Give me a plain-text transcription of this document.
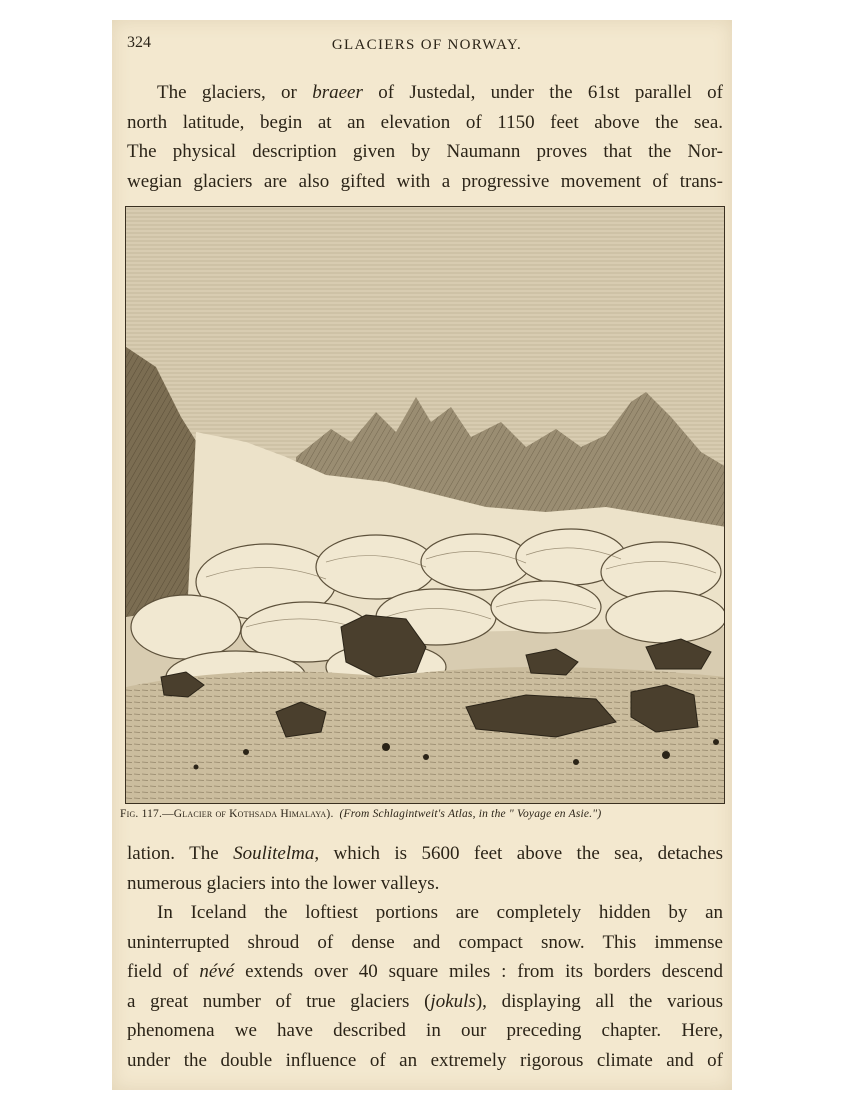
324	GLACIERS OF NORWAY.
The glaciers, or braeer of Justedal, under the 61st parallel of
north latitude, begin at an elevation of 1150 feet above the sea.
The physical description given by Naumann proves that the Nor-
wegian glaciers are also gifted with a progressive movement of trans-
Fig. 117.—Glacier of Kothsada Himalaya). (From Schlagintweit's Atlas, in the " Voyage en Asie.")
lation. The Soulitelma, which is 5600 feet above the sea, detaches
numerous glaciers into the lower valleys.
In Iceland the loftiest portions are completely hidden by an
uninterrupted shroud of dense and compact snow. This immense
field of névé extends over 40 square miles : from its borders descend
a great number of true glaciers (jokuls), displaying all the various
phenomena we have described in our preceding chapter. Here,
under the double influence of an extremely rigorous climate and of
